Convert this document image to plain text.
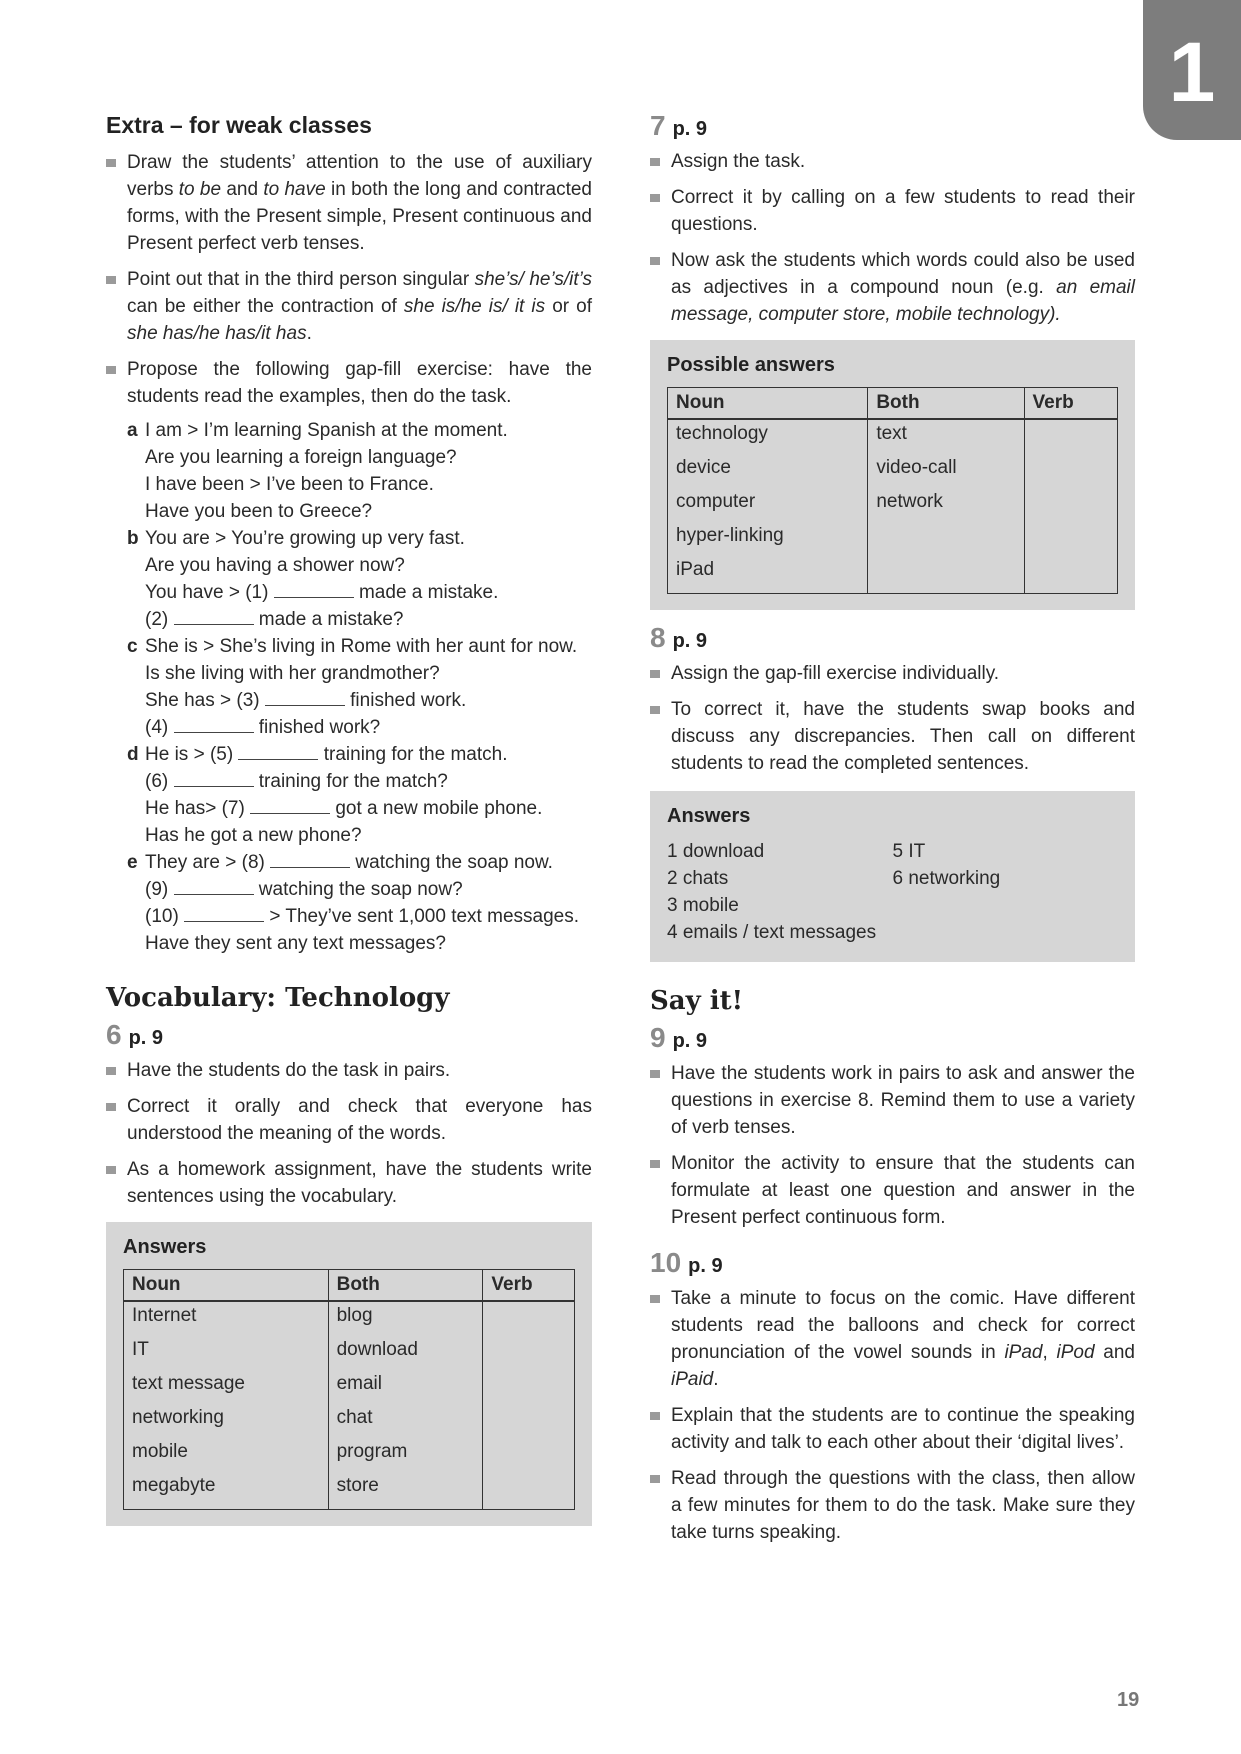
1
Extra – for weak classes
Draw the students’ attention to the use of auxiliary verbs to be and to have in both the long and contracted forms, with the Present simple, Present continuous and Present perfect verb tenses.
Point out that in the third person singular she’s/ he’s/it’s can be either the contraction of she is/he is/ it is or of she has/he has/it has.
Propose the following gap-fill exercise: have the students read the examples, then do the task.
a I am > I’m learning Spanish at the moment.
Are you learning a foreign language?
I have been > I’ve been to France.
Have you been to Greece?
b You are > You’re growing up very fast.
Are you having a shower now?
You have > (1)	made a mistake.
(2)	made a mistake?
c She is > She’s living in Rome with her aunt for now.
Is she living with her grandmother?
She has > (3)	finished work.
(4)	finished work?
d He is > (5)	training for the match.
(6)	training for the match?
He has> (7)	got a new mobile phone.
Has he got a new phone?
e They are > (8)	watching the soap now.
(9)	watching the soap now?
(10)	> They’ve sent 1,000 text messages.
Have they sent any text messages?
Vocabulary: Technology
6 p. 9
Have the students do the task in pairs.
Correct it orally and check that everyone has understood the meaning of the words.
As a homework assignment, have the students write sentences using the vocabulary.
Answers
Noun	Both	Verb
Internet	blog	
IT	download	
text message	email	
networking	chat	
mobile	program	
megabyte	store	
7 p. 9
Assign the task.
Correct it by calling on a few students to read their questions.
Now ask the students which words could also be used as adjectives in a compound noun (e.g. an email message, computer store, mobile technology).
Possible answers
Noun	Both	Verb
technology	text	
device	video-call	
computer	network	
hyper-linking		
iPad		
8 p. 9
Assign the gap-fill exercise individually.
To correct it, have the students swap books and discuss any discrepancies. Then call on different students to read the completed sentences.
Answers
1 download
2 chats
3 mobile
4 emails / text messages
5 IT
6 networking
Say it!
9 p. 9
Have the students work in pairs to ask and answer the questions in exercise 8. Remind them to use a variety of verb tenses.
Monitor the activity to ensure that the students can formulate at least one question and answer in the Present perfect continuous form.
10 p. 9
Take a minute to focus on the comic. Have different students read the balloons and check for correct pronunciation of the vowel sounds in iPad, iPod and iPaid.
Explain that the students are to continue the speaking activity and talk to each other about their ‘digital lives’.
Read through the questions with the class, then allow a few minutes for them to do the task. Make sure they take turns speaking.
19
